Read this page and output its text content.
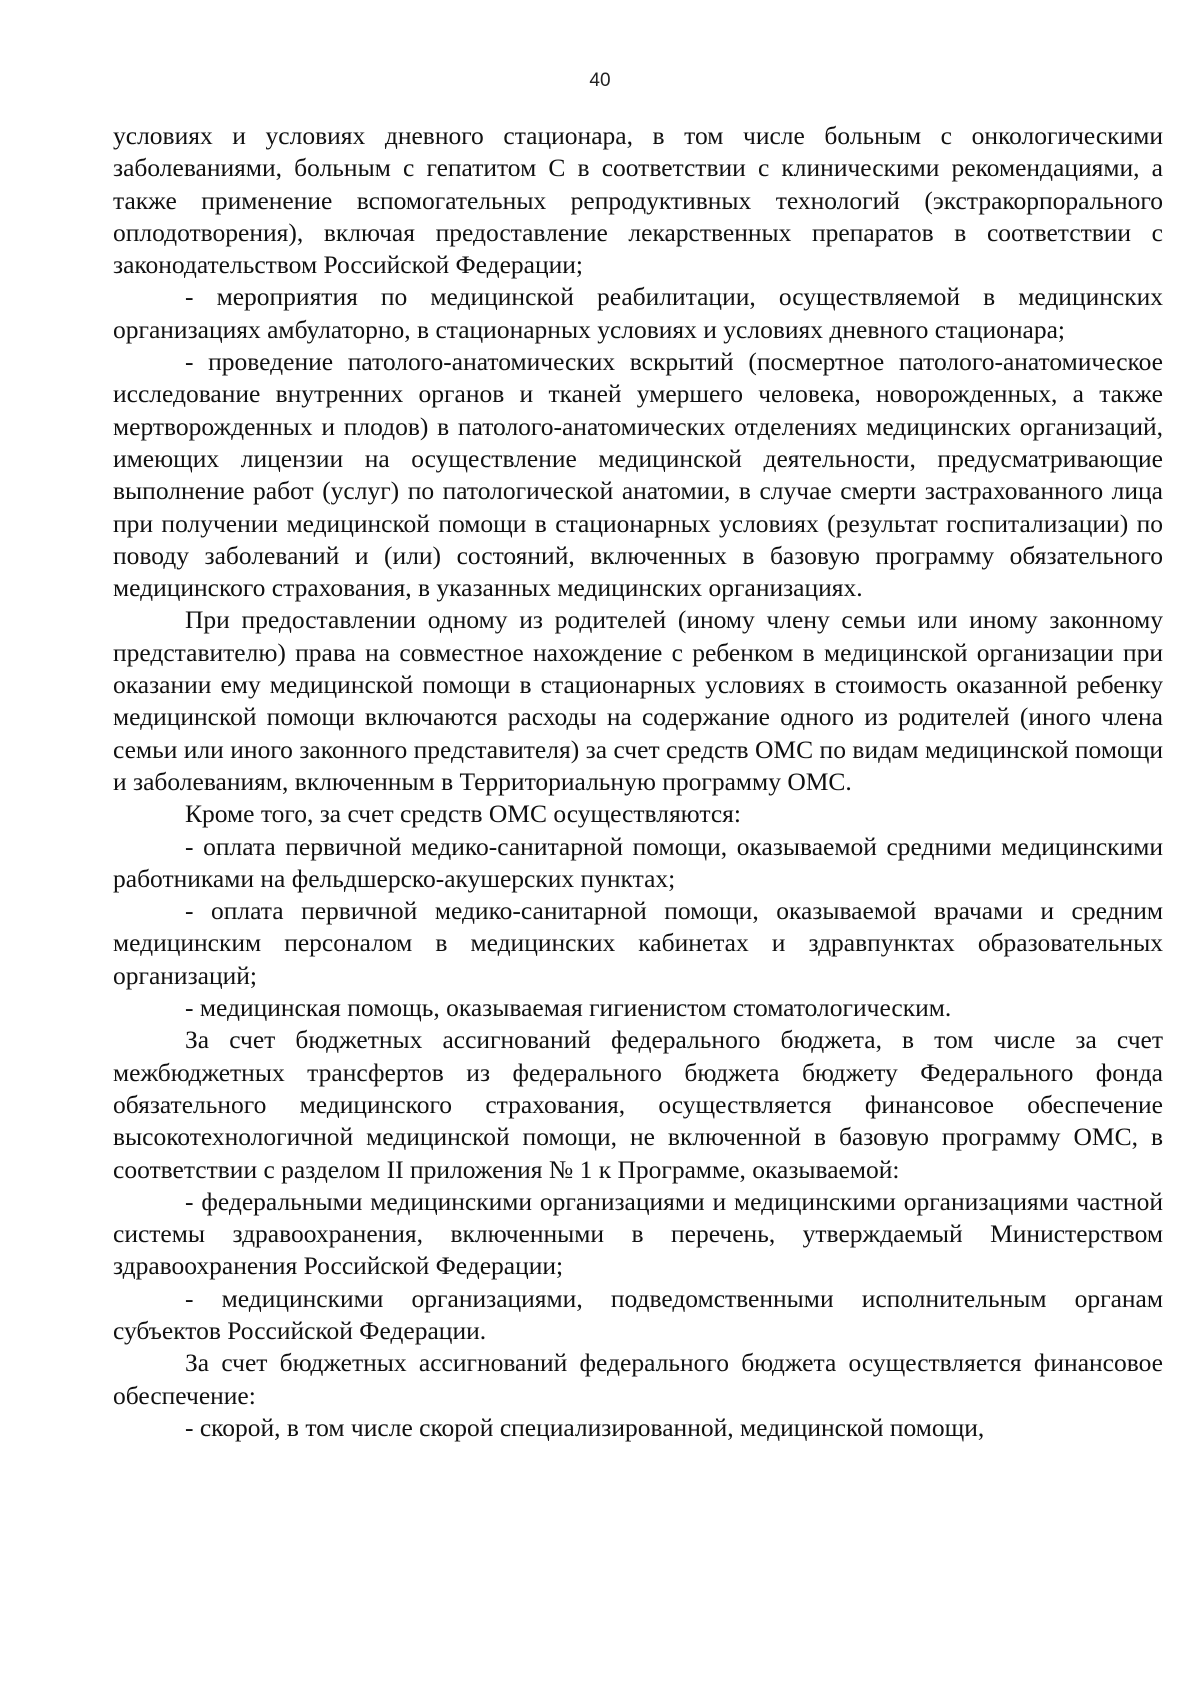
40

условиях и условиях дневного стационара, в том числе больным с онкологическими заболеваниями, больным с гепатитом С в соответствии с клиническими рекомендациями, а также применение вспомогательных репродуктивных технологий (экстракорпорального оплодотворения), включая предоставление лекарственных препаратов в соответствии с законодательством Российской Федерации;

- мероприятия по медицинской реабилитации, осуществляемой в медицинских организациях амбулаторно, в стационарных условиях и условиях дневного стационара;

- проведение патолого-анатомических вскрытий (посмертное патолого-анатомическое исследование внутренних органов и тканей умершего человека, новорожденных, а также мертворожденных и плодов) в патолого-анатомических отделениях медицинских организаций, имеющих лицензии на осуществление медицинской деятельности, предусматривающие выполнение работ (услуг) по патологической анатомии, в случае смерти застрахованного лица при получении медицинской помощи в стационарных условиях (результат госпитализации) по поводу заболеваний и (или) состояний, включенных в базовую программу обязательного медицинского страхования, в указанных медицинских организациях.

При предоставлении одному из родителей (иному члену семьи или иному законному представителю) права на совместное нахождение с ребенком в медицинской организации при оказании ему медицинской помощи в стационарных условиях в стоимость оказанной ребенку медицинской помощи включаются расходы на содержание одного из родителей (иного члена семьи или иного законного представителя) за счет средств ОМС по видам медицинской помощи и заболеваниям, включенным в Территориальную программу ОМС.

Кроме того, за счет средств ОМС осуществляются:

- оплата первичной медико-санитарной помощи, оказываемой средними медицинскими работниками на фельдшерско-акушерских пунктах;

- оплата первичной медико-санитарной помощи, оказываемой врачами и средним медицинским персоналом в медицинских кабинетах и здравпунктах образовательных организаций;

- медицинская помощь, оказываемая гигиенистом стоматологическим.

За счет бюджетных ассигнований федерального бюджета, в том числе за счет межбюджетных трансфертов из федерального бюджета бюджету Федерального фонда обязательного медицинского страхования, осуществляется финансовое обеспечение высокотехнологичной медицинской помощи, не включенной в базовую программу ОМС, в соответствии с разделом II приложения № 1 к Программе, оказываемой:

- федеральными медицинскими организациями и медицинскими организациями частной системы здравоохранения, включенными в перечень, утверждаемый Министерством здравоохранения Российской Федерации;

- медицинскими организациями, подведомственными исполнительным органам субъектов Российской Федерации.

За счет бюджетных ассигнований федерального бюджета осуществляется финансовое обеспечение:

- скорой, в том числе скорой специализированной, медицинской помощи,
